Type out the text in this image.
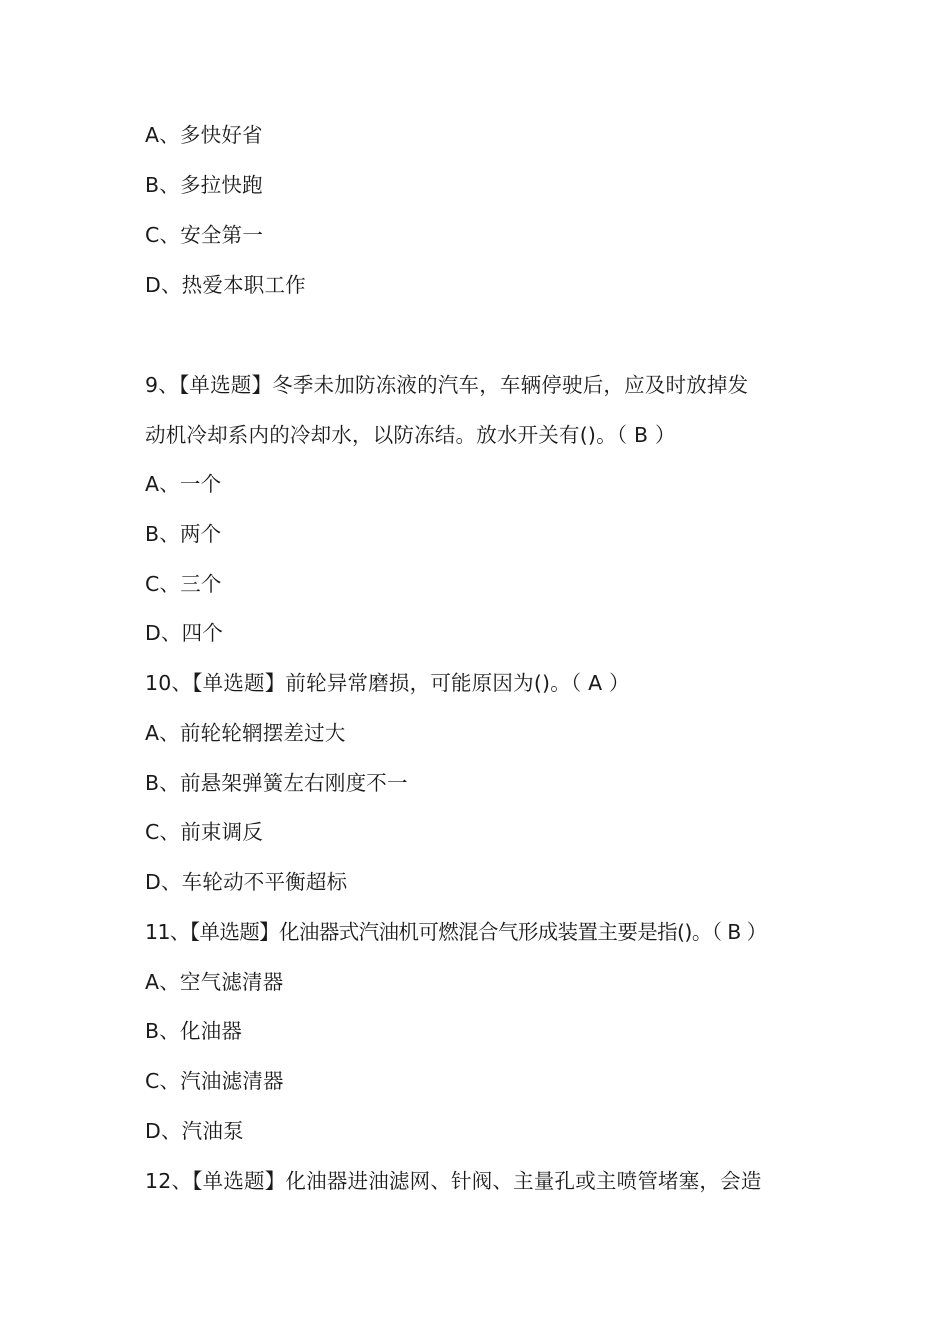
A、多快好省
B、多拉快跑
C、安全第一
D、热爱本职工作
9、【单选题】冬季未加防冻液的汽车，车辆停驶后，应及时放掉发
动机冷却系内的冷却水，以防冻结。放水开关有()。（ B ）
A、一个
B、两个
C、三个
D、四个
10、【单选题】前轮异常磨损，可能原因为()。（ A ）
A、前轮轮辋摆差过大
B、前悬架弹簧左右刚度不一
C、前束调反
D、车轮动不平衡超标
11、【单选题】化油器式汽油机可燃混合气形成装置主要是指()。（ B ）
A、空气滤清器
B、化油器
C、汽油滤清器
D、汽油泵
12、【单选题】化油器进油滤网、针阀、主量孔或主喷管堵塞，会造
